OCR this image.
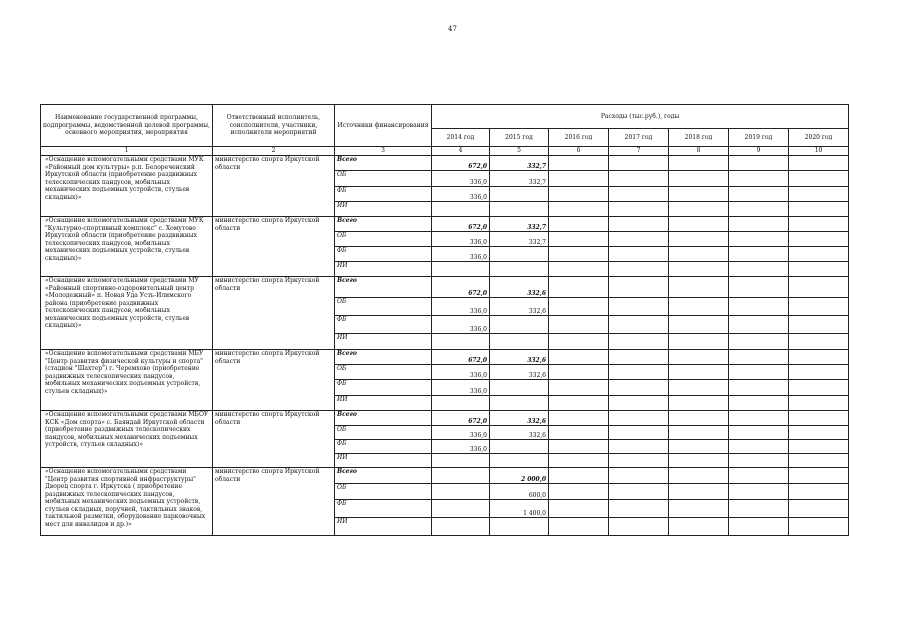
47
Наименование государственной программы, подпрограммы, ведомственной целевой программы, основного мероприятия, мероприятия	Ответственный исполнитель, соисполнители, участники, исполнители мероприятий	Источники финансирования	Расходы (тыс.руб.), годы						
			2014 год	2015 год	2016 год	2017 год	2018 год	2019 год	2020 год
1	2	3	4	5	6	7	8	9	10
«Оснащение вспомогательными средствами МУК «Районный дом культуры» р.п. Белореченский Иркутской области (приобретение раздвижных телескопических пандусов, мобильных механических подъемных устройств, стульев складных)»	министерство спорта Иркутской области	Всего	672,0	332,7					
		ОБ	336,0	332,7					
		ФБ	336,0						
		ИИ							
«Оснащение вспомогательными средствами МУК "Культурно-спортивный комплекс" с. Хомутово Иркутской области (приобретение раздвижных телескопических пандусов, мобильных механических подъемных устройств, стульев складных)»	министерство спорта Иркутской области	Всего	672,0	332,7					
		ОБ	336,0	332,7					
		ФБ	336,0						
		ИИ							
«Оснащение вспомогательными средствами МУ «Районный спортивно-оздоровительный центр «Молодежный» п. Новая Уда Усть-Илимского района (приобретение раздвижных телескопических пандусов, мобильных механических подъемных устройств, стульев складных)»	министерство спорта Иркутской области	Всего	672,0	332,6					
		ОБ	336,0	332,6					
		ФБ	336,0						
		ИИ							
«Оснащение вспомогательными средствами МБУ "Центр развития физической культуры и спорта" (стадион "Шахтер") г. Черемхово (приобретение раздвижных телескопических пандусов, мобильных механических подъемных устройств, стульев складных)»	министерство спорта Иркутской области	Всего	672,0	332,6					
		ОБ	336,0	332,6					
		ФБ	336,0						
		ИИ							
«Оснащение вспомогательными средствами МБОУ КСК «Дом спорта» с. Баяндай Иркутской области (приобретение раздвижных телескопических пандусов, мобильных механических подъемных устройств, стульев складных)»	министерство спорта Иркутской области	Всего	672,0	332,6					
		ОБ	336,0	332,6					
		ФБ	336,0						
		ИИ							
«Оснащение вспомогательными средствами "Центр развития спортивной инфраструктуры" Дворец спорта г. Иркутска ( приобретение раздвижных телескопических пандусов, мобильных механических подъемных устройств, стульев складных, поручней, тактильных знаков, тактильной разметки, оборудование парковочных мест для инвалидов и др.)»	министерство спорта Иркутской области	Всего		2 000,0					
		ОБ		600,0					
		ФБ		1 400,0					
		ИИ							
